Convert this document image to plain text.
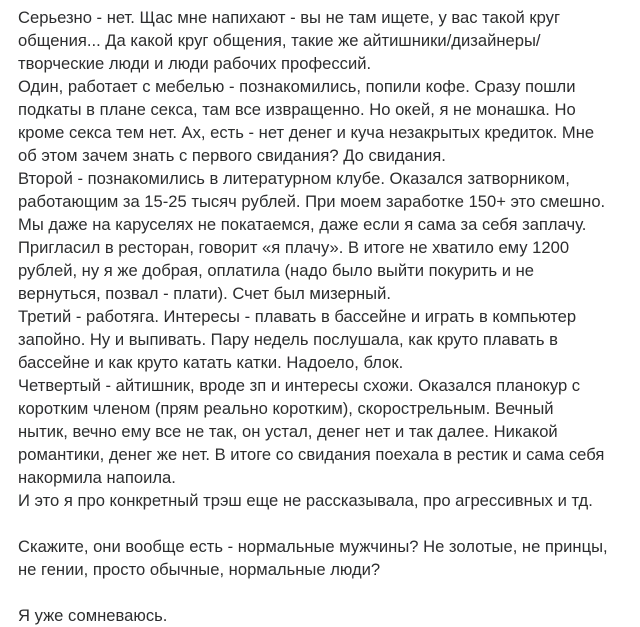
Серьезно - нет. Щас мне напихают - вы не там ищете, у вас такой круг
общения... Да какой круг общения, такие же айтишники/дизайнеры/
творческие люди и люди рабочих профессий.
Один, работает с мебелью - познакомились, попили кофе. Сразу пошли
подкаты в плане секса, там все извращенно. Но окей, я не монашка. Но
кроме секса тем нет. Ах, есть - нет денег и куча незакрытых кредиток. Мне
об этом зачем знать с первого свидания? До свидания.
Второй - познакомились в литературном клубе. Оказался затворником,
работающим за 15-25 тысяч рублей. При моем заработке 150+ это смешно.
Мы даже на каруселях не покатаемся, даже если я сама за себя заплачу.
Пригласил в ресторан, говорит «я плачу». В итоге не хватило ему 1200
рублей, ну я же добрая, оплатила (надо было выйти покурить и не
вернуться, позвал - плати). Счет был мизерный.
Третий - работяга. Интересы - плавать в бассейне и играть в компьютер
запойно. Ну и выпивать. Пару недель послушала, как круто плавать в
бассейне и как круто катать катки. Надоело, блок.
Четвертый - айтишник, вроде зп и интересы схожи. Оказался планокур с
коротким членом (прям реально коротким), скорострельным. Вечный
нытик, вечно ему все не так, он устал, денег нет и так далее. Никакой
романтики, денег же нет. В итоге со свидания поехала в рестик и сама себя
накормила напоила.
И это я про конкретный трэш еще не рассказывала, про агрессивных и тд.
Скажите, они вообще есть - нормальные мужчины? Не золотые, не принцы,
не гении, просто обычные, нормальные люди?
Я уже сомневаюсь.
